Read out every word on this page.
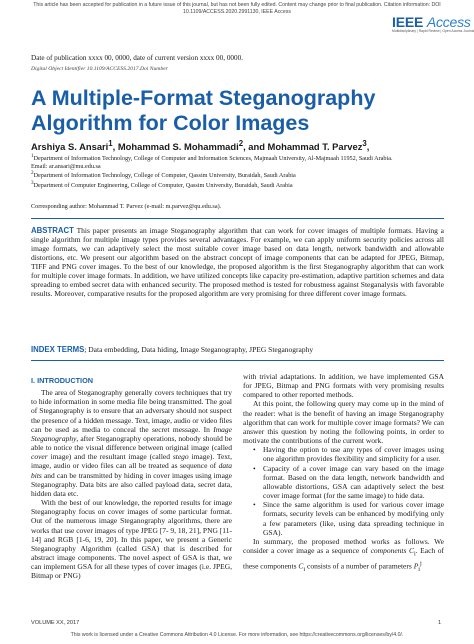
This article has been accepted for publication in a future issue of this journal, but has not been fully edited. Content may change prior to final publication. Citation information: DOI
10.1109/ACCESS.2020.2991130, IEEE Access
IEEE Access
Multidisciplinary | Rapid Review | Open Access Journal
Date of publication xxxx 00, 0000, date of current version xxxx 00, 0000.
Digital Object Identifier 10.1109/ACCESS.2017.Doi Number
A Multiple-Format Steganography Algorithm for Color Images
Arshiya S. Ansari$^1$, Mohammad S. Mohammadi$^2$, and Mohammad T. Parvez$^3$,
$^1$Department of Information Technology, College of Computer and Information Sciences, Majmaah University, Al-Majmaah 11952, Saudi Arabia.
Email: ar.ansari@mu.edu.sa
$^2$Department of Information Technology, College of Computer, Qassim University, Buraidah, Saudi Arabia
$^3$Department of Computer Engineering, College of Computer, Qassim University, Buraidah, Saudi Arabia
Corresponding author: Mohammad T. Parvez (e-mail: m.parvez@qu.edu.sa).
ABSTRACT This paper presents an image Steganography algorithm that can work for cover images of multiple formats. Having a single algorithm for multiple image types provides several advantages. For example, we can apply uniform security policies across all image formats, we can adaptively select the most suitable cover image based on data length, network bandwidth and allowable distortions, etc. We present our algorithm based on the abstract concept of image components that can be adapted for JPEG, Bitmap, TIFF and PNG cover images. To the best of our knowledge, the proposed algorithm is the first Steganography algorithm that can work for multiple cover image formats. In addition, we have utilized concepts like capacity pre-estimation, adaptive partition schemes and data spreading to embed secret data with enhanced security. The proposed method is tested for robustness against Steganalysis with favorable results. Moreover, comparative results for the proposed algorithm are very promising for three different cover image formats.
INDEX TERMS; Data embedding, Data hiding, Image Steganography, JPEG Steganography
I. INTRODUCTION

The area of Steganography generally covers techniques that try to hide information in some media file being transmitted. The goal of Steganography is to ensure that an adversary should not suspect the presence of a hidden message. Text, image, audio or video files can be used as media to conceal the secret message. In Image Steganography, after Steganography operations, nobody should be able to notice the visual difference between original image (called cover image) and the resultant image (called stego image). Text, image, audio or video files can all be treated as sequence of data bits and can be transmitted by hiding in cover images using image Steganography. Data bits are also called payload data, secret data, hidden data etc.

With the best of our knowledge, the reported results for image Steganography focus on cover images of some particular format. Out of the numerous image Steganography algorithms, there are works that use cover images of type JPEG [7- 9, 18, 21], PNG [11-14] and RGB [1-6, 19, 20]. In this paper, we present a Generic Steganography Algorithm (called GSA) that is described for abstract image components. The novel aspect of GSA is that, we can implement GSA for all these types of cover images (i.e. JPEG, Bitmap or PNG)

with trivial adaptations. In addition, we have implemented GSA for JPEG, Bitmap and PNG formats with very promising results compared to other reported methods.

At this point, the following query may come up in the mind of the reader: what is the benefit of having an image Steganography algorithm that can work for multiple cover image formats? We can answer this question by noting the following points, in order to motivate the contributions of the current work.

• Having the option to use any types of cover images using one algorithm provides flexibility and simplicity for a user.
• Capacity of a cover image can vary based on the image format. Based on the data length, network bandwidth and allowable distortions, GSA can adaptively select the best cover image format (for the same image) to hide data.
• Since the same algorithm is used for various cover image formats, security levels can be enhanced by modifying only a few parameters (like, using data spreading technique in GSA).

In summary, the proposed method works as follows. We consider a cover image as a sequence of components $C_i$. Each of these components $C_i$ consists of a number of parameters $P_i^j$

VOLUME XX, 2017	1
This work is licensed under a Creative Commons Attribution 4.0 License. For more information, see https://creativecommons.org/licenses/by/4.0/.
